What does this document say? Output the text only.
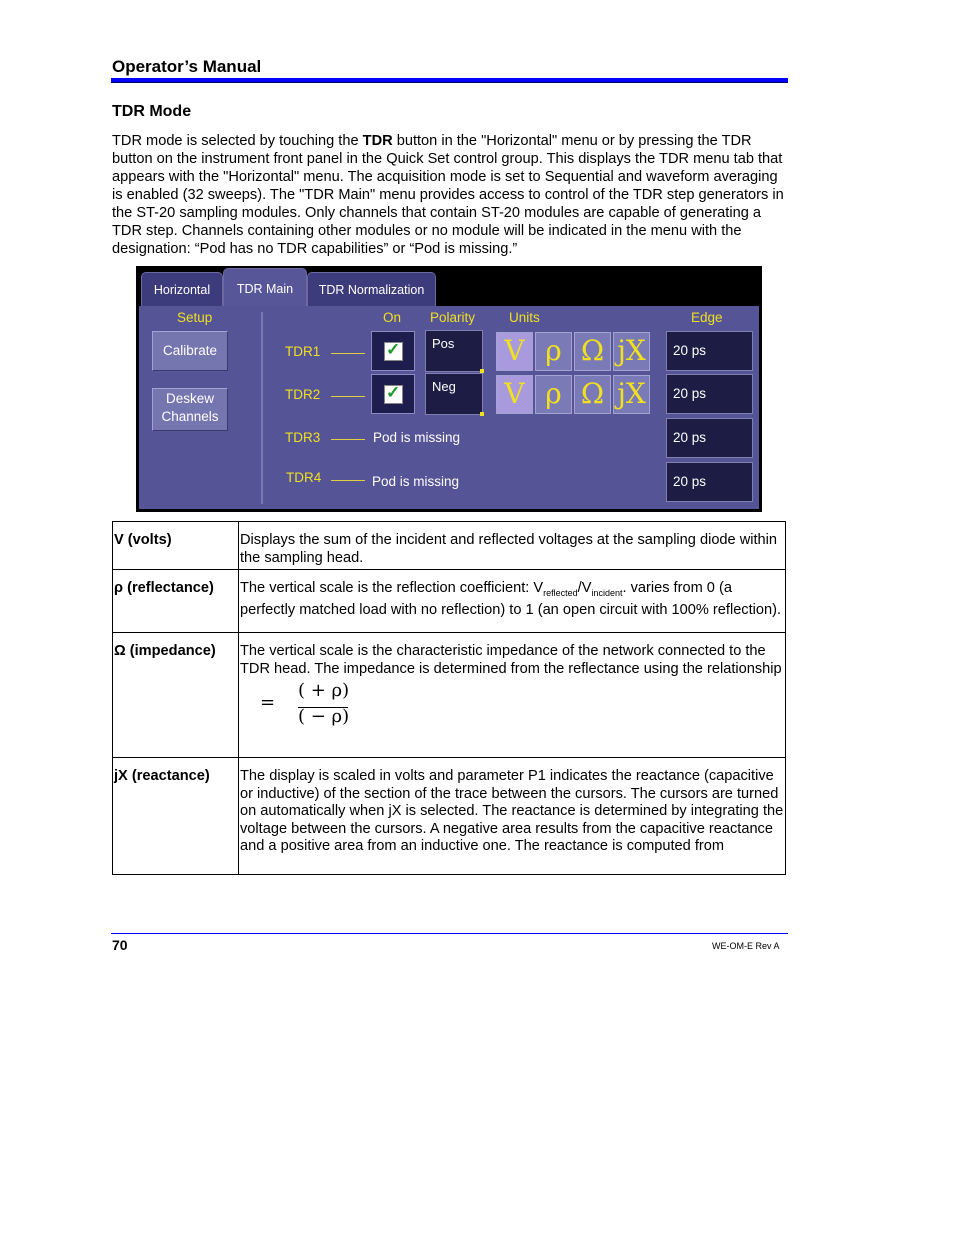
Operator’s Manual
TDR Mode
TDR mode is selected by touching the TDR button in the "Horizontal" menu or by pressing the TDR button on the instrument front panel in the Quick Set control group. This displays the TDR menu tab that appears with the "Horizontal" menu. The acquisition mode is set to Sequential and waveform averaging is enabled (32 sweeps). The "TDR Main" menu provides access to control of the TDR step generators in the ST-20 sampling modules. Only channels that contain ST-20 modules are capable of generating a TDR step. Channels containing other modules or no module will be indicated in the menu with the designation: “Pod has no TDR capabilities” or “Pod is missing.”
Horizontal	TDR Main	TDR Normalization
Setup
Calibrate
Deskew
Channels
On Polarity	Units	Edge
TDR1	✓ Pos V ρ Ω jX	20 ps
TDR2	✓ Neg V ρ Ω jX	20 ps
TDR3	Pod is missing	20 ps
TDR4	Pod is missing	20 ps
V (volts)	Displays the sum of the incident and reflected voltages at the sampling diode within the sampling head.
ρ (reflectance)	The vertical scale is the reflection coefficient: $V_{reflected}/V_{incident}$. varies from 0 (a perfectly matched load with no reflection) to 1 (an open circuit with 100% reflection).
Ω (impedance)	The vertical scale is the characteristic impedance of the network connected to the TDR head. The impedance is determined from the reflectance using the relationship
=
( + ρ)
( − ρ)

jX (reactance)	The display is scaled in volts and parameter P1 indicates the reactance (capacitive or inductive) of the section of the trace between the cursors. The cursors are turned on automatically when jX is selected. The reactance is determined by integrating the voltage between the cursors. A negative area results from the capacitive reactance and a positive area from an inductive one. The reactance is computed from
70	WE-OM-E Rev A
